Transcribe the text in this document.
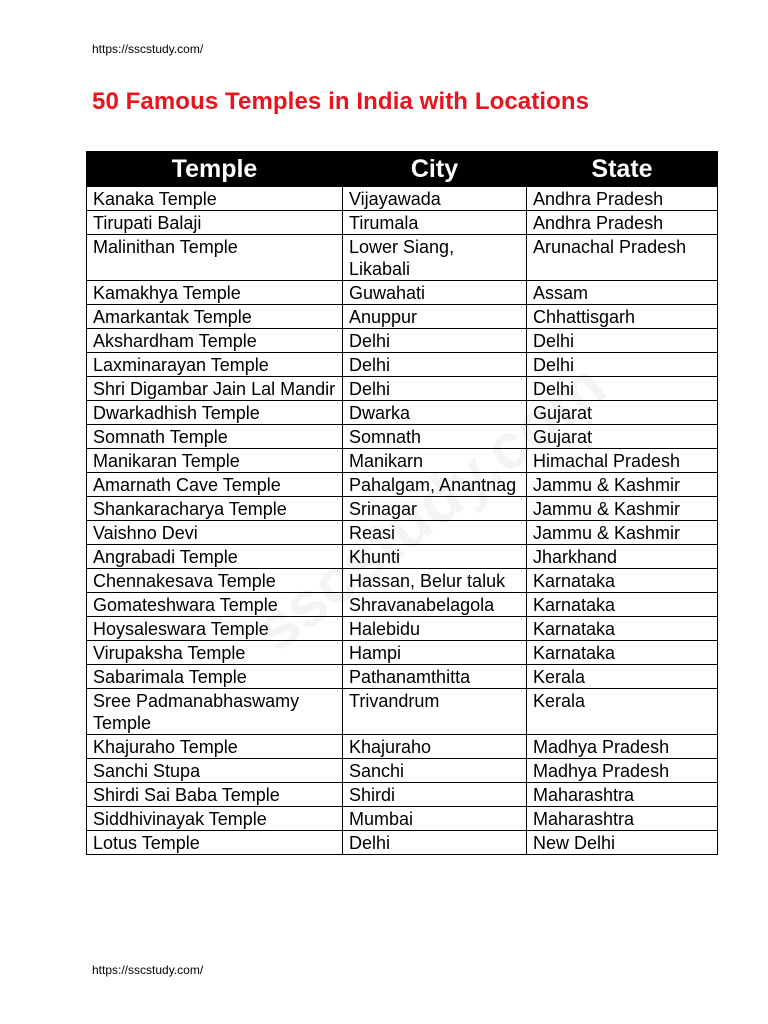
https://sscstudy.com/
50 Famous Temples in India with Locations
Temple	City	State
Kanaka Temple	Vijayawada	Andhra Pradesh
Tirupati Balaji	Tirumala	Andhra Pradesh
Malinithan Temple	Lower Siang, Likabali	Arunachal Pradesh
Kamakhya Temple	Guwahati	Assam
Amarkantak Temple	Anuppur	Chhattisgarh
Akshardham Temple	Delhi	Delhi
Laxminarayan Temple	Delhi	Delhi
Shri Digambar Jain Lal Mandir	Delhi	Delhi
Dwarkadhish Temple	Dwarka	Gujarat
Somnath Temple	Somnath	Gujarat
Manikaran Temple	Manikarn	Himachal Pradesh
Amarnath Cave Temple	Pahalgam, Anantnag	Jammu & Kashmir
Shankaracharya Temple	Srinagar	Jammu & Kashmir
Vaishno Devi	Reasi	Jammu & Kashmir
Angrabadi Temple	Khunti	Jharkhand
Chennakesava Temple	Hassan, Belur taluk	Karnataka
Gomateshwara Temple	Shravanabelagola	Karnataka
Hoysaleswara Temple	Halebidu	Karnataka
Virupaksha Temple	Hampi	Karnataka
Sabarimala Temple	Pathanamthitta	Kerala
Sree Padmanabhaswamy Temple	Trivandrum	Kerala
Khajuraho Temple	Khajuraho	Madhya Pradesh
Sanchi Stupa	Sanchi	Madhya Pradesh
Shirdi Sai Baba Temple	Shirdi	Maharashtra
Siddhivinayak Temple	Mumbai	Maharashtra
Lotus Temple	Delhi	New Delhi
https://sscstudy.com/
